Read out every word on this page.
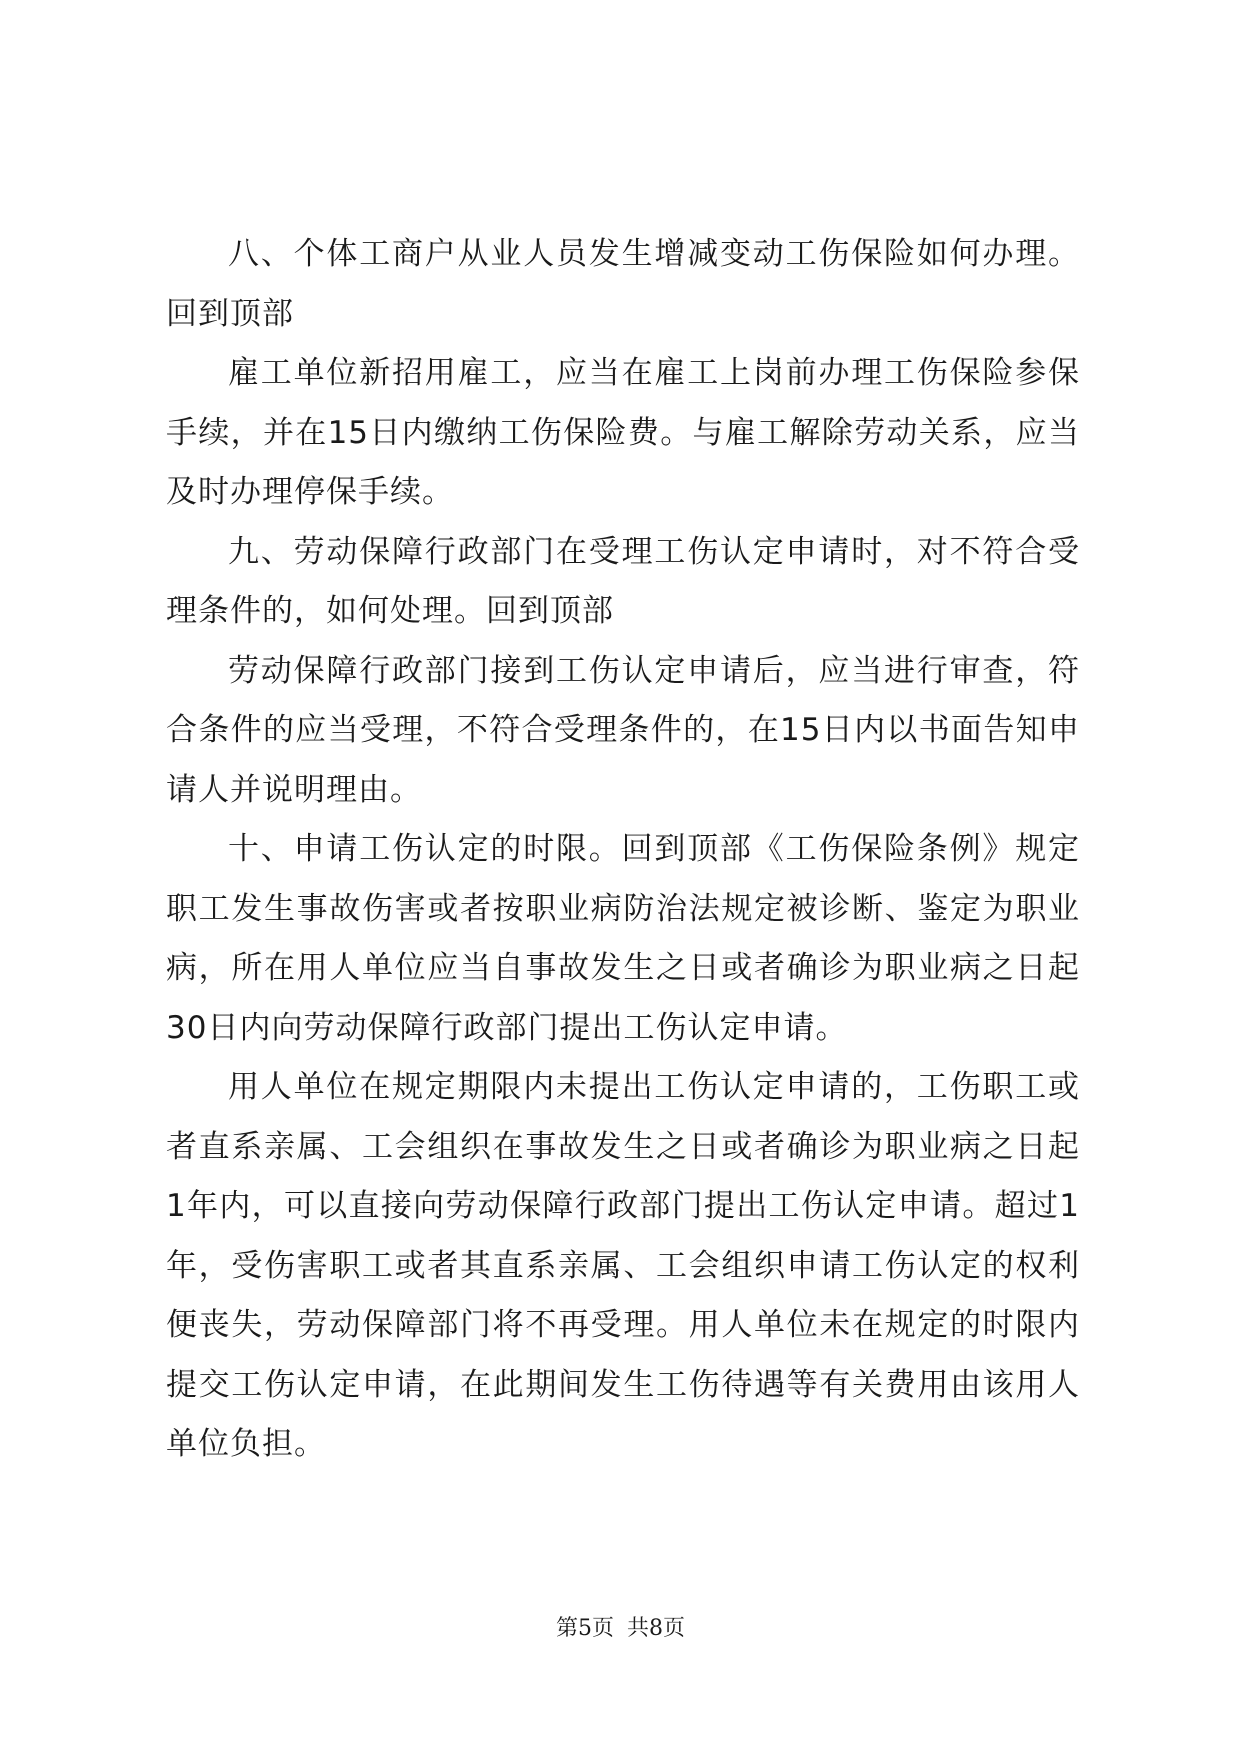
八、个体工商户从业人员发生增减变动工伤保险如何办理。回到顶部

雇工单位新招用雇工，应当在雇工上岗前办理工伤保险参保手续，并在15日内缴纳工伤保险费。与雇工解除劳动关系，应当及时办理停保手续。

九、劳动保障行政部门在受理工伤认定申请时，对不符合受理条件的，如何处理。回到顶部

劳动保障行政部门接到工伤认定申请后，应当进行审查，符合条件的应当受理，不符合受理条件的，在15日内以书面告知申请人并说明理由。

十、申请工伤认定的时限。回到顶部《工伤保险条例》规定职工发生事故伤害或者按职业病防治法规定被诊断、鉴定为职业病，所在用人单位应当自事故发生之日或者确诊为职业病之日起30日内向劳动保障行政部门提出工伤认定申请。

用人单位在规定期限内未提出工伤认定申请的，工伤职工或者直系亲属、工会组织在事故发生之日或者确诊为职业病之日起1年内，可以直接向劳动保障行政部门提出工伤认定申请。超过1年，受伤害职工或者其直系亲属、工会组织申请工伤认定的权利便丧失，劳动保障部门将不再受理。用人单位未在规定的时限内提交工伤认定申请，在此期间发生工伤待遇等有关费用由该用人单位负担。

第5页 共8页
